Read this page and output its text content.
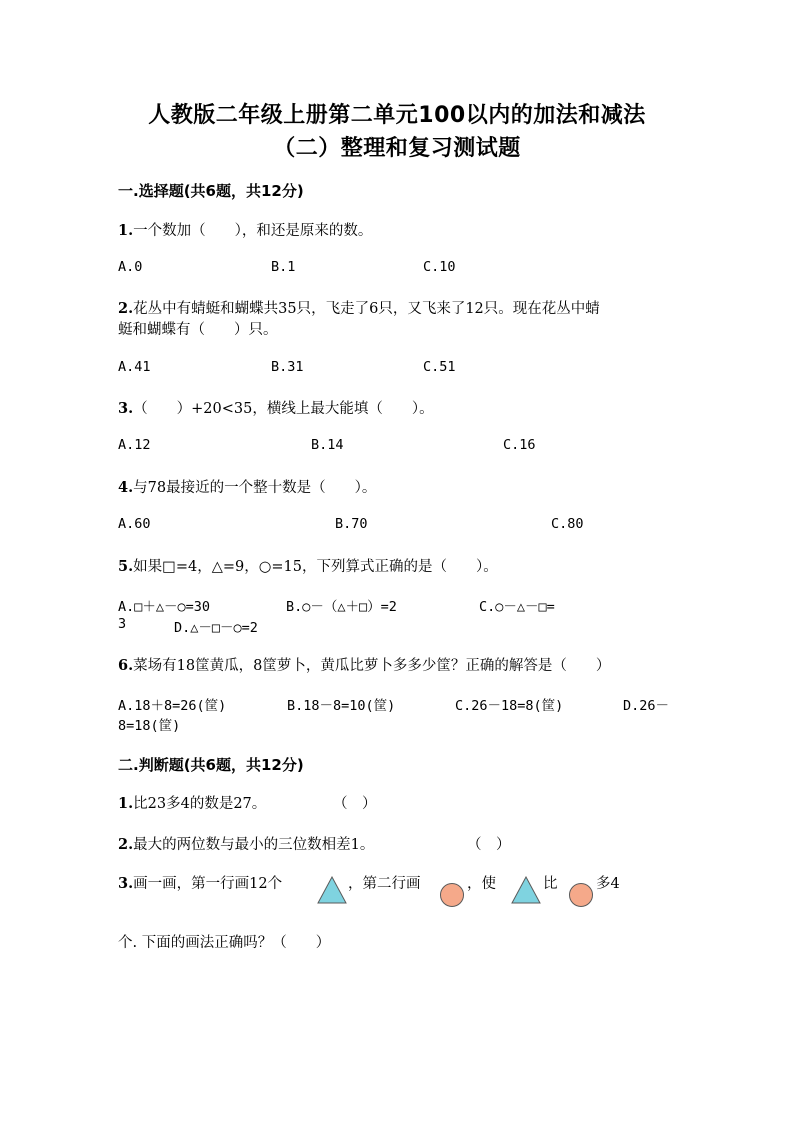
人教版二年级上册第二单元100以内的加法和减法
（二）整理和复习测试题
一.选择题(共6题，共12分)
1.一个数加（　　），和还是原来的数。
A.0	B.1	C.10
2.花丛中有蜻蜓和蝴蝶共35只，飞走了6只，又飞来了12只。现在花丛中蜻
蜓和蝴蝶有（　　）只。
A.41	B.31	C.51
3.（　　）+20<35，横线上最大能填（　　）。
A.12	B.14	C.16
4.与78最接近的一个整十数是（　　）。
A.60	B.70	C.80
5.如果□=4，△=9，○=15，下列算式正确的是（　　）。
A.□＋△－○=30	B.○－（△＋□）=2	C.○－△－□=
3	D.△－□－○=2
6.菜场有18筐黄瓜，8筐萝卜，黄瓜比萝卜多多少筐？正确的解答是（　　）
A.18＋8=26(筐)	B.18－8=10(筐)	C.26－18=8(筐)	D.26－
8=18(筐)
二.判断题(共6题，共12分)
1.比23多4的数是27。	（　）
2.最大的两位数与最小的三位数相差1。	（　）
3.画一画，第一行画12个	，第二行画	，使	比	多4
个. 下面的画法正确吗？（　　）
